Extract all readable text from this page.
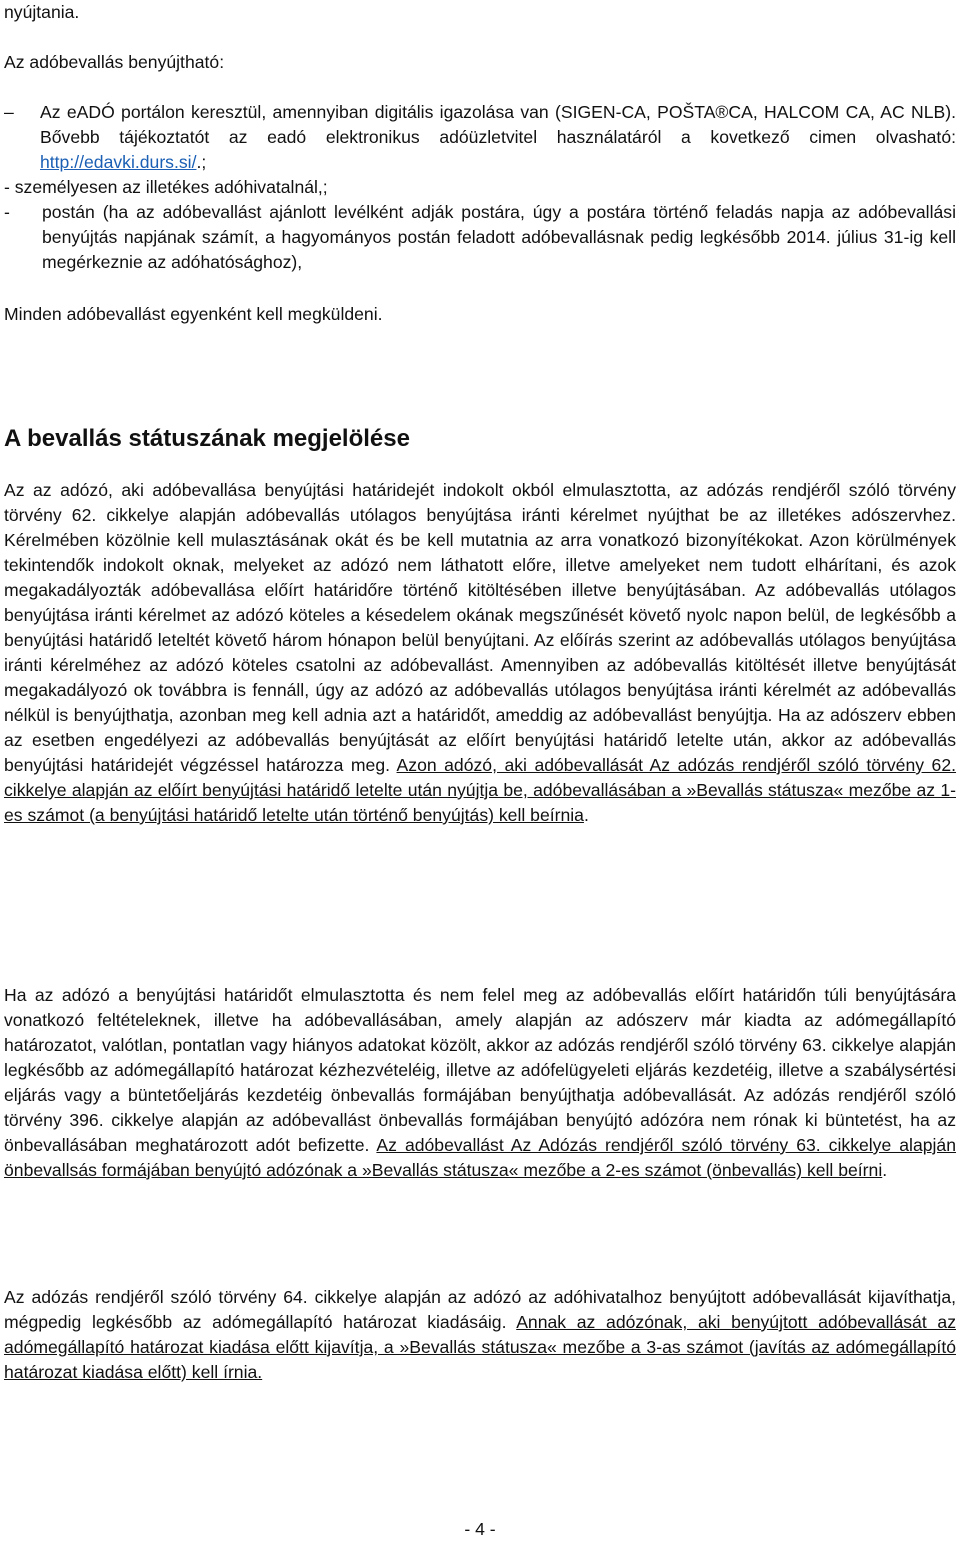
nyújtania.

Az adóbevallás benyújtható:

–	Az eADÓ portálon keresztül, amennyiban digitális igazolása van (SIGEN-CA, POŠTA®CA, HALCOM CA, AC NLB). Bővebb tájékoztatót az eadó elektronikus adóüzletvitel használatáról a kovetkező cimen olvasható: http://edavki.durs.si/.;

- személyesen az illetékes adóhivatalnál,;

-	postán (ha az adóbevallást ajánlott levélként adják postára, úgy a postára történő feladás napja az adóbevallási benyújtás napjának számít, a hagyományos postán feladott adóbevallásnak pedig legkésőbb 2014. július 31-ig kell megérkeznie az adóhatósághoz),

Minden adóbevallást egyenként kell megküldeni.

A bevallás státuszának megjelölése

Az az adózó, aki adóbevallása benyújtási határidejét indokolt okból elmulasztotta, az adózás rendjéről szóló törvény törvény 62. cikkelye alapján adóbevallás utólagos benyújtása iránti kérelmet nyújthat be az illetékes adószervhez. Kérelmében közölnie kell mulasztásának okát és be kell mutatnia az arra vonatkozó bizonyítékokat. Azon körülmények tekintendők indokolt oknak, melyeket az adózó nem láthatott előre, illetve amelyeket nem tudott elhárítani, és azok megakadályozták adóbevallása előírt határidőre történő kitöltésében illetve benyújtásában. Az adóbevallás utólagos benyújtása iránti kérelmet az adózó köteles a késedelem okának megszűnését követő nyolc napon belül, de legkésőbb a benyújtási határidő leteltét követő három hónapon belül benyújtani. Az előírás szerint az adóbevallás utólagos benyújtása iránti kérelméhez az adózó köteles csatolni az adóbevallást. Amennyiben az adóbevallás kitöltését illetve benyújtását megakadályozó ok továbbra is fennáll, úgy az adózó az adóbevallás utólagos benyújtása iránti kérelmét az adóbevallás nélkül is benyújthatja, azonban meg kell adnia azt a határidőt, ameddig az adóbevallást benyújtja. Ha az adószerv ebben az esetben engedélyezi az adóbevallás benyújtását az előírt benyújtási határidő letelte után, akkor az adóbevallás benyújtási határidejét végzéssel határozza meg. Azon adózó, aki adóbevallását Az adózás rendjéről szóló törvény 62. cikkelye alapján az előírt benyújtási határidő letelte után nyújtja be, adóbevallásában a »Bevallás státusza« mezőbe az 1-es számot (a benyújtási határidő letelte után történő benyújtás) kell beírnia.

Ha az adózó a benyújtási határidőt elmulasztotta és nem felel meg az adóbevallás előírt határidőn túli benyújtására vonatkozó feltételeknek, illetve ha adóbevallásában, amely alapján az adószerv már kiadta az adómegállapító határozatot, valótlan, pontatlan vagy hiányos adatokat közölt, akkor az adózás rendjéről szóló törvény 63. cikkelye alapján legkésőbb az adómegállapító határozat kézhezvételéig, illetve az adófelügyeleti eljárás kezdetéig, illetve a szabálysértési eljárás vagy a büntetőeljárás kezdetéig önbevallás formájában benyújthatja adóbevallását. Az adózás rendjéről szóló törvény 396. cikkelye alapján az adóbevallást önbevallás formájában benyújtó adózóra nem rónak ki büntetést, ha az önbevallásában meghatározott adót befizette. Az adóbevallást Az Adózás rendjéről szóló törvény 63. cikkelye alapján önbevallsás formájában benyújtó adózónak a »Bevallás státusza« mezőbe a 2-es számot (önbevallás) kell beírni.

Az adózás rendjéről szóló törvény 64. cikkelye alapján az adózó az adóhivatalhoz benyújtott adóbevallását kijavíthatja, mégpedig legkésőbb az adómegállapító határozat kiadásáig. Annak az adózónak, aki benyújtott adóbevallását az adómegállapító határozat kiadása előtt kijavítja, a »Bevallás státusza« mezőbe a 3-as számot (javítás az adómegállapító határozat kiadása előtt) kell írnia.

- 4 -
